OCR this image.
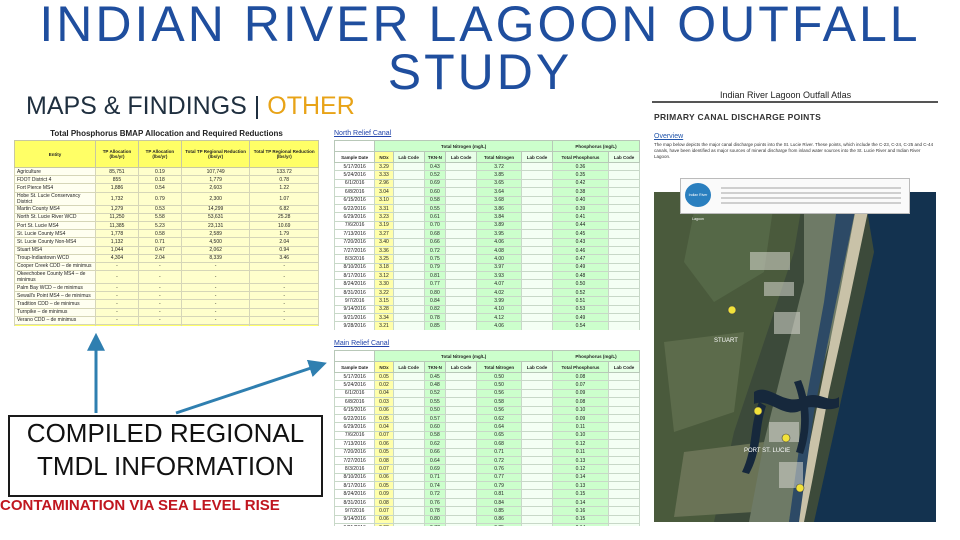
INDIAN RIVER LAGOON OUTFALL STUDY
MAPS & FINDINGS | OTHER
Total Phosphorus BMAP Allocation and Required Reductions
Entity	TP Allocation (lbs/yr)	TP Allocation (lbs/yr)	Total TP Regional Reduction (lbs/yr)	Total TP Regional Reduction (lbs/yr)
Agriculture	85,751	0.19	107,749	133.72
FDOT District 4	855	0.18	1,779	0.78
Fort Pierce MS4	1,886	0.54	2,603	1.22
Hobe St. Lucie Conservancy District	1,732	0.79	2,300	1.07
Martin County MS4	1,279	0.53	14,299	6.82
North St. Lucie River WCD	11,250	5.58	53,631	25.28
Port St. Lucie MS4	11,385	5.23	23,131	10.69
St. Lucie County MS4	1,778	0.58	2,589	1.79
St. Lucie County Non-MS4	1,132	0.71	4,500	2.04
Stuart MS4	1,044	0.47	2,062	0.94
Troup-Indiantown WCD	4,304	2.04	8,339	3.46
Cooper Creek CDD – de minimus	-	-	-	-
Okeechobee County MS4 – de minimus	-	-	-	-
Palm Bay WCD – de minimus	-	-	-	-
Sewall's Point MS4 – de minimus	-	-	-	-
Tradition CDD – de minimus	-	-	-	-
Turnpike – de minimus	-	-	-	-
Verano CDD – de minimus	-	-	-	-

North Relief Canal
	Total Nitrogen (mg/L)						Phosphorus (mg/L)	
Sample Date	NOx	Lab Code	TKN-N	Lab Code	Total Nitrogen	Lab Code	Total Phosphorus	Lab Code
5/17/2016	3.29		0.43		3.72		0.36	
5/24/2016	3.33		0.52		3.85		0.35	
6/1/2016	2.96		0.69		3.65		0.42	
6/8/2016	3.04		0.60		3.64		0.38	
6/15/2016	3.10		0.58		3.68		0.40	
6/22/2016	3.31		0.55		3.86		0.39	
6/29/2016	3.23		0.61		3.84		0.41	
7/6/2016	3.19		0.70		3.89		0.44	
7/13/2016	3.27		0.68		3.95		0.45	
7/20/2016	3.40		0.66		4.06		0.43	
7/27/2016	3.36		0.72		4.08		0.46	
8/3/2016	3.25		0.75		4.00		0.47	
8/10/2016	3.18		0.79		3.97		0.49	
8/17/2016	3.12		0.81		3.93		0.48	
8/24/2016	3.30		0.77		4.07		0.50	
8/31/2016	3.22		0.80		4.02		0.52	
9/7/2016	3.15		0.84		3.99		0.51	
9/14/2016	3.28		0.82		4.10		0.53	
9/21/2016	3.34		0.78		4.12		0.49	
9/28/2016	3.21		0.85		4.06		0.54	

Main Relief Canal
	Total Nitrogen (mg/L)						Phosphorus (mg/L)	
Sample Date	NOx	Lab Code	TKN-N	Lab Code	Total Nitrogen	Lab Code	Total Phosphorus	Lab Code
5/17/2016	0.05		0.45		0.50		0.08	
5/24/2016	0.02		0.48		0.50		0.07	
6/1/2016	0.04		0.52		0.56		0.09	
6/8/2016	0.03		0.55		0.58		0.08	
6/15/2016	0.06		0.50		0.56		0.10	
6/22/2016	0.05		0.57		0.62		0.09	
6/29/2016	0.04		0.60		0.64		0.11	
7/6/2016	0.07		0.58		0.65		0.10	
7/13/2016	0.06		0.62		0.68		0.12	
7/20/2016	0.05		0.66		0.71		0.11	
7/27/2016	0.08		0.64		0.72		0.13	
8/3/2016	0.07		0.69		0.76		0.12	
8/10/2016	0.06		0.71		0.77		0.14	
8/17/2016	0.05		0.74		0.79		0.13	
8/24/2016	0.09		0.72		0.81		0.15	
8/31/2016	0.08		0.76		0.84		0.14	
9/7/2016	0.07		0.78		0.85		0.16	
9/14/2016	0.06		0.80		0.86		0.15	

Indian River Lagoon Outfall Atlas
PRIMARY CANAL DISCHARGE POINTS
Overview
The map below depicts the major canal discharge points into the St. Lucie River. These points, which include the C-23, C-24, C-25 and C-44 canals, have been identified as major sources of mineral discharge from inland water sources into the St. Lucie River and Indian River Lagoon.
STUART
PORT ST. LUCIE
Indian River Lagoon
COMPILED REGIONAL
TMDL INFORMATION
CONTAMINATION VIA SEA LEVEL RISE
